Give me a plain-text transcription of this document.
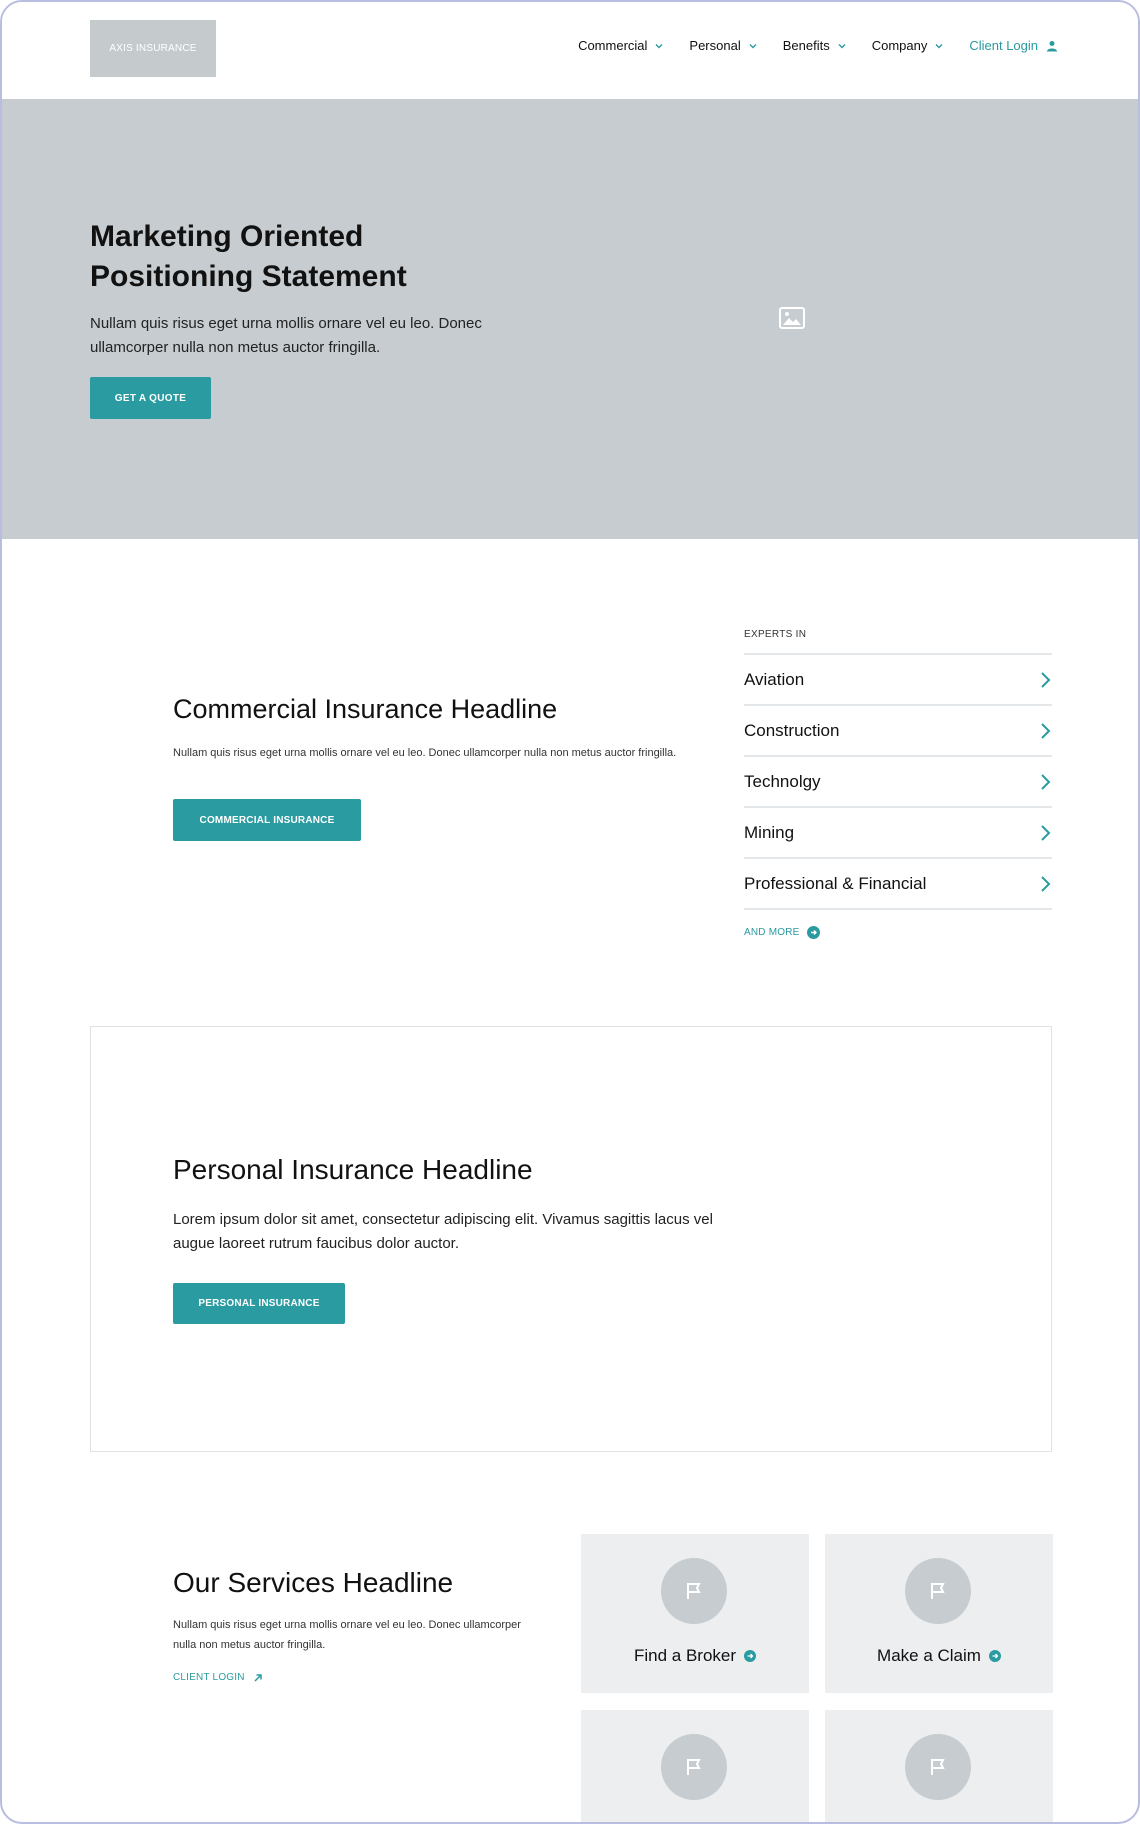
AXIS INSURANCE	Commercial	Personal	Benefits	Company	Client Login
Marketing Oriented Positioning Statement
Nullam quis risus eget urna mollis ornare vel eu leo. Donec ullamcorper nulla non metus auctor fringilla.
GET A QUOTE
Commercial Insurance Headline
Nullam quis risus eget urna mollis ornare vel eu leo. Donec ullamcorper nulla non metus auctor fringilla.
COMMERCIAL INSURANCE
EXPERTS IN
Aviation
Construction
Technolgy
Mining
Professional & Financial
AND MORE
Personal Insurance Headline
Lorem ipsum dolor sit amet, consectetur adipiscing elit. Vivamus sagittis lacus vel augue laoreet rutrum faucibus dolor auctor.
PERSONAL INSURANCE
Our Services Headline
Nullam quis risus eget urna mollis ornare vel eu leo. Donec ullamcorper nulla non metus auctor fringilla.
CLIENT LOGIN
Find a Broker	Make a Claim
